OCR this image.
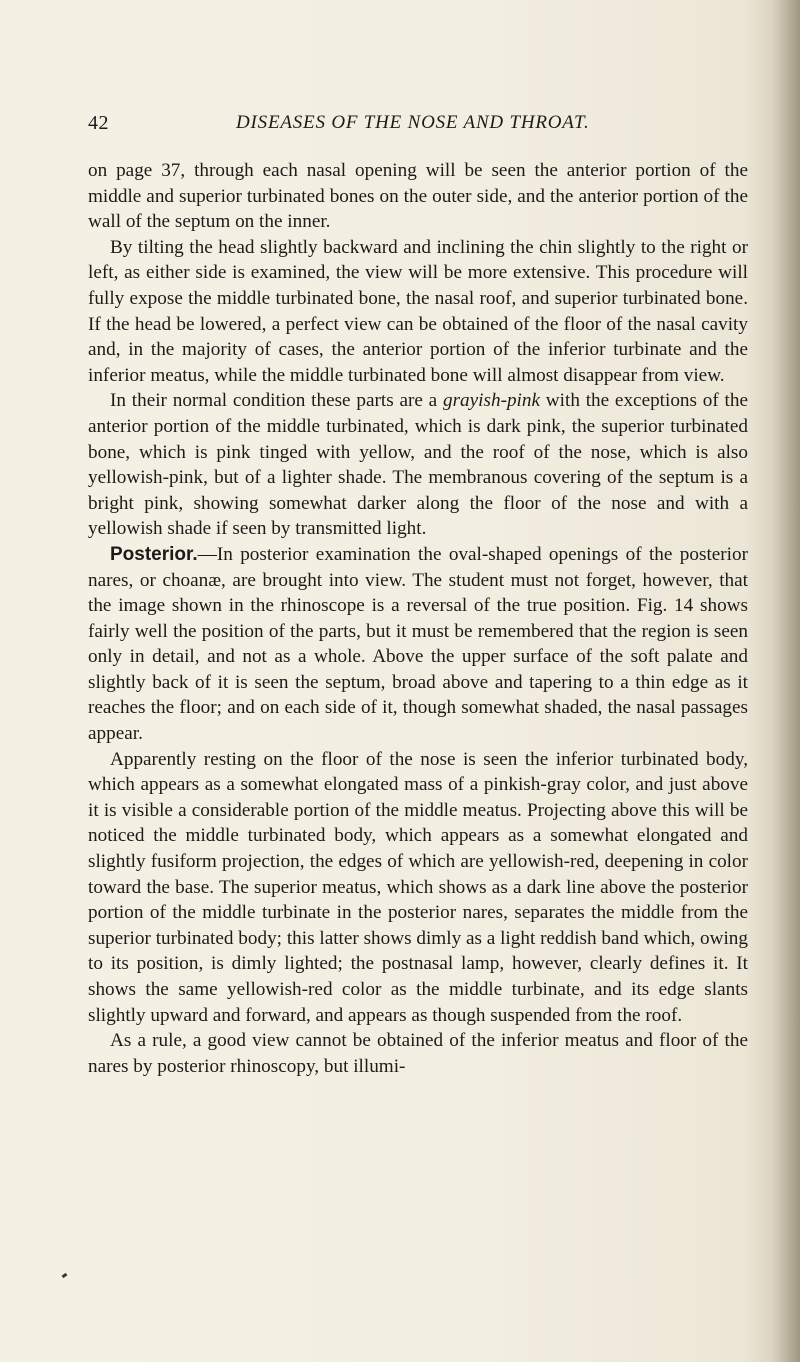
42	DISEASES OF THE NOSE AND THROAT.

on page 37, through each nasal opening will be seen the anterior portion of the middle and superior turbinated bones on the outer side, and the anterior portion of the wall of the septum on the inner.

By tilting the head slightly backward and inclining the chin slightly to the right or left, as either side is examined, the view will be more extensive. This procedure will fully expose the middle turbinated bone, the nasal roof, and superior turbinated bone. If the head be lowered, a perfect view can be obtained of the floor of the nasal cavity and, in the majority of cases, the anterior portion of the inferior turbinate and the inferior meatus, while the middle turbinated bone will almost disappear from view.

In their normal condition these parts are a grayish-pink with the exceptions of the anterior portion of the middle turbinated, which is dark pink, the superior turbinated bone, which is pink tinged with yellow, and the roof of the nose, which is also yellowish-pink, but of a lighter shade. The membranous covering of the septum is a bright pink, showing somewhat darker along the floor of the nose and with a yellowish shade if seen by transmitted light.

Posterior.—In posterior examination the oval-shaped openings of the posterior nares, or choanæ, are brought into view. The student must not forget, however, that the image shown in the rhinoscope is a reversal of the true position. Fig. 14 shows fairly well the position of the parts, but it must be remembered that the region is seen only in detail, and not as a whole. Above the upper surface of the soft palate and slightly back of it is seen the septum, broad above and tapering to a thin edge as it reaches the floor; and on each side of it, though somewhat shaded, the nasal passages appear.

Apparently resting on the floor of the nose is seen the inferior turbinated body, which appears as a somewhat elongated mass of a pinkish-gray color, and just above it is visible a considerable portion of the middle meatus. Projecting above this will be noticed the middle turbinated body, which appears as a somewhat elongated and slightly fusiform projection, the edges of which are yellowish-red, deepening in color toward the base. The superior meatus, which shows as a dark line above the posterior portion of the middle turbinate in the posterior nares, separates the middle from the superior turbinated body; this latter shows dimly as a light reddish band which, owing to its position, is dimly lighted; the postnasal lamp, however, clearly defines it. It shows the same yellowish-red color as the middle turbinate, and its edge slants slightly upward and forward, and appears as though suspended from the roof.

As a rule, a good view cannot be obtained of the inferior meatus and floor of the nares by posterior rhinoscopy, but illumi-
